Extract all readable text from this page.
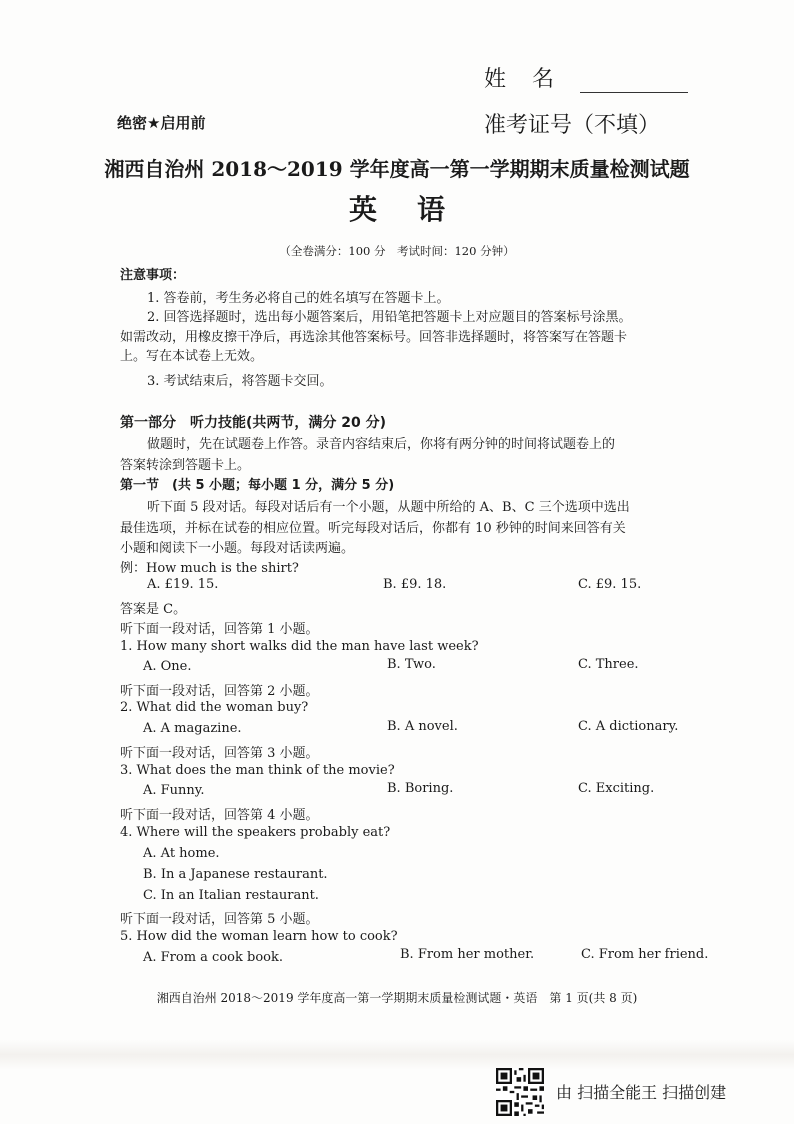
姓　名
准考证号（不填）
绝密★启用前
湘西自治州 2018～2019 学年度高一第一学期期末质量检测试题
英语
（全卷满分：100 分　考试时间：120 分钟）
注意事项：
1. 答卷前，考生务必将自己的姓名填写在答题卡上。
2. 回答选择题时，选出每小题答案后，用铅笔把答题卡上对应题目的答案标号涂黑。
如需改动，用橡皮擦干净后，再选涂其他答案标号。回答非选择题时，将答案写在答题卡
上。写在本试卷上无效。
3. 考试结束后，将答题卡交回。
第一部分　听力技能(共两节，满分 20 分)
做题时，先在试题卷上作答。录音内容结束后，你将有两分钟的时间将试题卷上的
答案转涂到答题卡上。
第一节　(共 5 小题；每小题 1 分，满分 5 分)
听下面 5 段对话。每段对话后有一个小题，从题中所给的 A、B、C 三个选项中选出
最佳选项，并标在试卷的相应位置。听完每段对话后，你都有 10 秒钟的时间来回答有关
小题和阅读下一小题。每段对话读两遍。
例：How much is the shirt?
A. £19. 15.	B. £9. 18.	C. £9. 15.
答案是 C。
听下面一段对话，回答第 1 小题。
1. How many short walks did the man have last week?
A. One.	B. Two.	C. Three.
听下面一段对话，回答第 2 小题。
2. What did the woman buy?
A. A magazine.	B. A novel.	C. A dictionary.
听下面一段对话，回答第 3 小题。
3. What does the man think of the movie?
A. Funny.	B. Boring.	C. Exciting.
听下面一段对话，回答第 4 小题。
4. Where will the speakers probably eat?
A. At home.
B. In a Japanese restaurant.
C. In an Italian restaurant.
听下面一段对话，回答第 5 小题。
5. How did the woman learn how to cook?
A. From a cook book.	B. From her mother.	C. From her friend.
湘西自治州 2018～2019 学年度高一第一学期期末质量检测试题・英语　第 1 页(共 8 页)
由 扫描全能王 扫描创建
